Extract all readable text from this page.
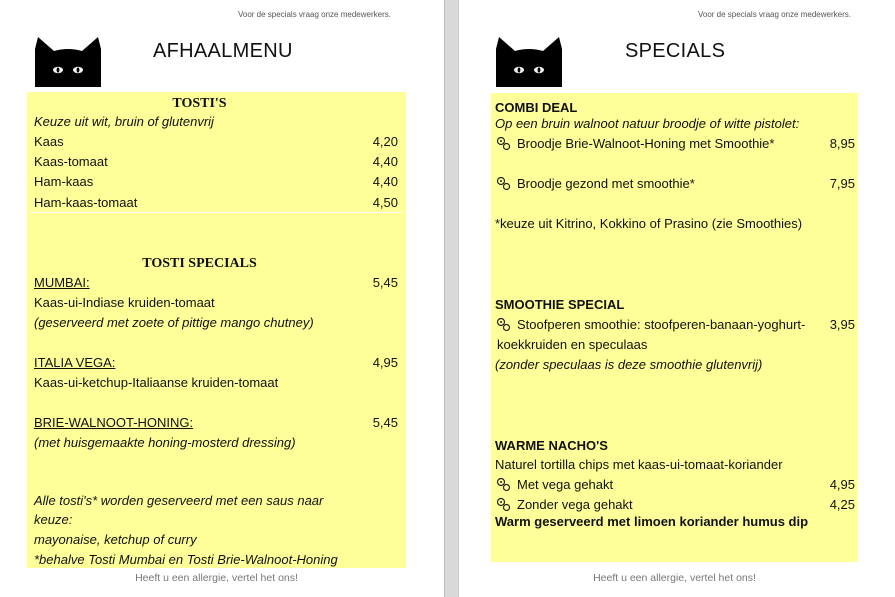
Voor de specials vraag onze medewerkers.
AFHAALMENU
TOSTI'S
Keuze uit wit, bruin of glutenvrij
Kaas	4,20
Kaas-tomaat	4,40
Ham-kaas	4,40
Ham-kaas-tomaat	4,50
TOSTI SPECIALS
MUMBAI:	5,45
Kaas-ui-Indiase kruiden-tomaat
(geserveerd met zoete of pittige mango chutney)
ITALIA VEGA:	4,95
Kaas-ui-ketchup-Italiaanse kruiden-tomaat
BRIE-WALNOOT-HONING:	5,45
(met huisgemaakte honing-mosterd dressing)
Alle tosti's* worden geserveerd met een saus naar
keuze:
mayonaise, ketchup of curry
*behalve Tosti Mumbai en Tosti Brie-Walnoot-Honing
Heeft u een allergie, vertel het ons!
Voor de specials vraag onze medewerkers.
SPECIALS
COMBI DEAL
Op een bruin walnoot natuur broodje of witte pistolet:
Broodje Brie-Walnoot-Honing met Smoothie*	8,95
Broodje gezond met smoothie*	7,95
*keuze uit Kitrino, Kokkino of Prasino (zie Smoothies)
SMOOTHIE SPECIAL
Stoofperen smoothie: stoofperen-banaan-yoghurt-	3,95
koekkruiden en speculaas
(zonder speculaas is deze smoothie glutenvrij)
WARME NACHO'S
Naturel tortilla chips met kaas-ui-tomaat-koriander
Met vega gehakt	4,95
Zonder vega gehakt	4,25
Warm geserveerd met limoen koriander humus dip
Heeft u een allergie, vertel het ons!
